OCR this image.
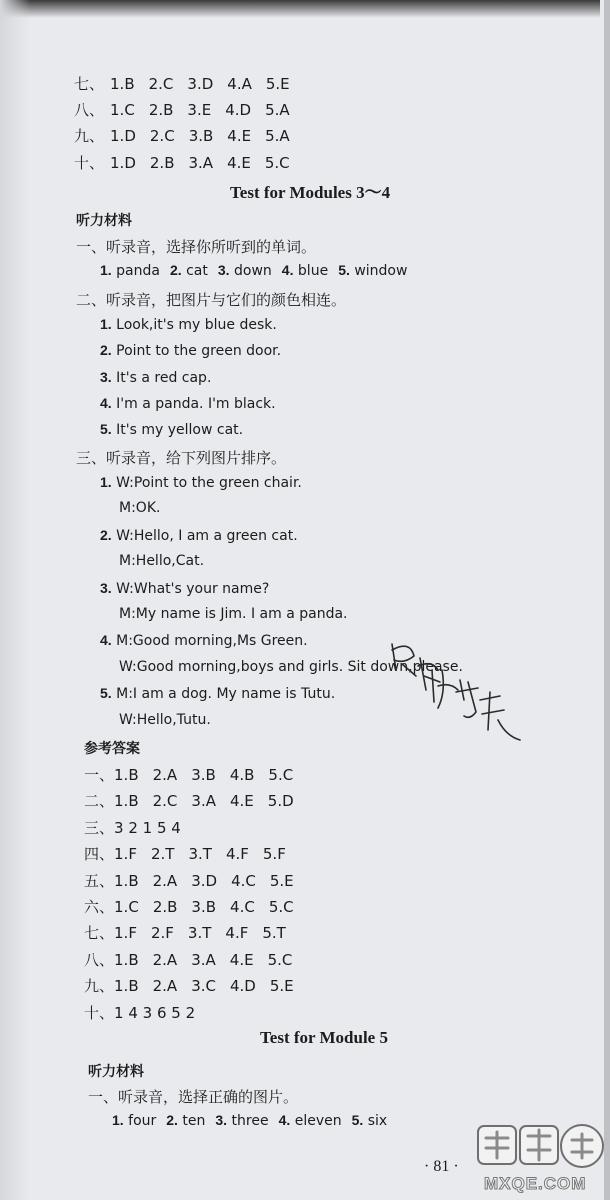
七、 1.B 2.C 3.D 4.A 5.E
八、 1.C 2.B 3.E 4.D 5.A
九、 1.D 2.C 3.B 4.E 5.A
十、 1.D 2.B 3.A 4.E 5.C
Test for Modules 3～4
听力材料
一、听录音，选择你所听到的单词。
1. panda 2. cat 3. down 4. blue 5. window
二、听录音，把图片与它们的颜色相连。
1. Look,it's my blue desk.
2. Point to the green door.
3. It's a red cap.
4. I'm a panda. I'm black.
5. It's my yellow cat.
三、听录音，给下列图片排序。
1. W:Point to the green chair.
M:OK.
2. W:Hello, I am a green cat.
M:Hello,Cat.
3. W:What's your name?
M:My name is Jim. I am a panda.
4. M:Good morning,Ms Green.
W:Good morning,boys and girls. Sit down,please.
5. M:I am a dog. My name is Tutu.
W:Hello,Tutu.
参考答案
一、1.B 2.A 3.B 4.B 5.C
二、1.B 2.C 3.A 4.E 5.D
三、3 2 1 5 4
四、1.F 2.T 3.T 4.F 5.F
五、1.B 2.A 3.D 4.C 5.E
六、1.C 2.B 3.B 4.C 5.C
七、1.F 2.F 3.T 4.F 5.T
八、1.B 2.A 3.A 4.E 5.C
九、1.B 2.A 3.C 4.D 5.E
十、1 4 3 6 5 2
Test for Module 5
听力材料
一、听录音，选择正确的图片。
1. four 2. ten 3. three 4. eleven 5. six
· 81 ·
MXQE.COM
